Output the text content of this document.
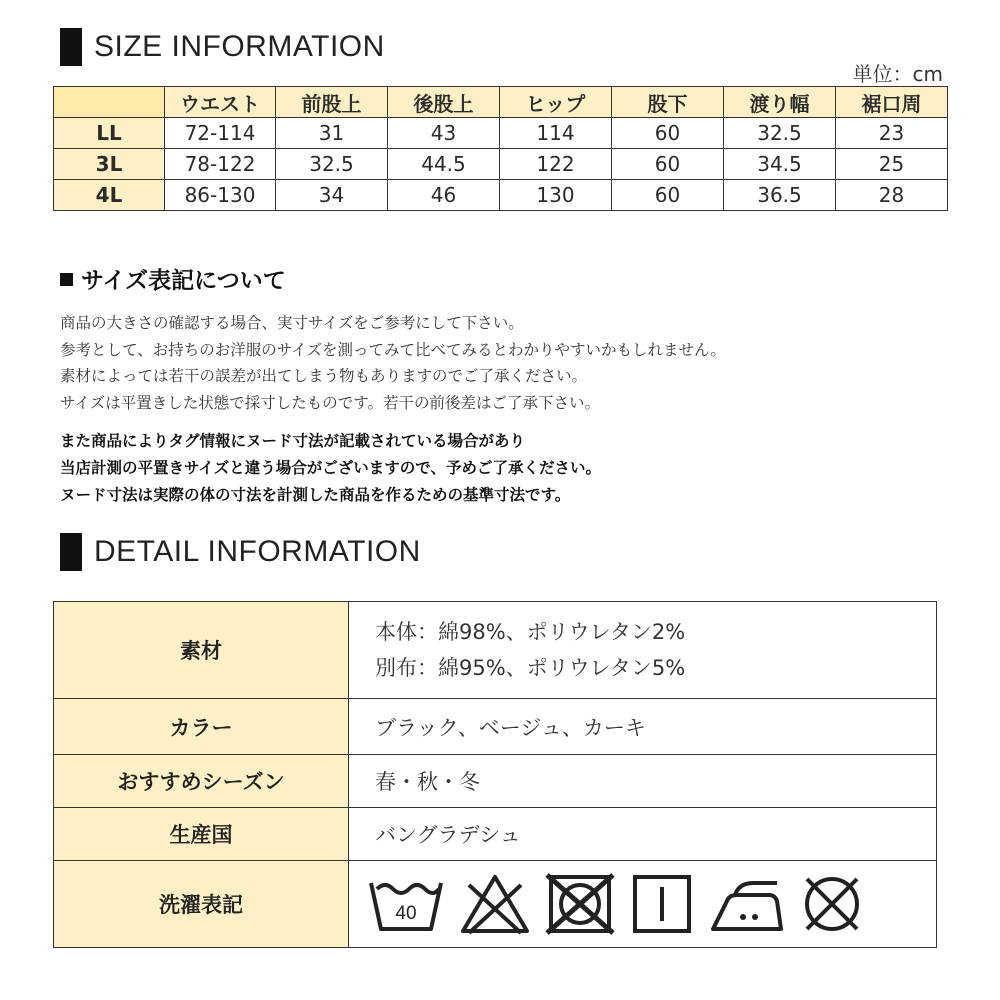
SIZE INFORMATION
単位：cm
	ウエスト	前股上	後股上	ヒップ	股下	渡り幅	裾口周
LL	72-114	31	43	114	60	32.5	23
3L	78-122	32.5	44.5	122	60	34.5	25
4L	86-130	34	46	130	60	36.5	28
サイズ表記について
商品の大きさの確認する場合、実寸サイズをご参考にして下さい。
参考として、お持ちのお洋服のサイズを測ってみて比べてみるとわかりやすいかもしれません。
素材によっては若干の誤差が出てしまう物もありますのでご了承ください。
サイズは平置きした状態で採寸したものです。若干の前後差はご了承下さい。
また商品によりタグ情報にヌード寸法が記載されている場合があり
当店計測の平置きサイズと違う場合がございますので、予めご了承ください。
ヌード寸法は実際の体の寸法を計測した商品を作るための基準寸法です。
DETAIL INFORMATION
素材	本体：綿98%、ポリウレタン2%
別布：綿95%、ポリウレタン5%

カラー	ブラック、ベージュ、カーキ
おすすめシーズン	春・秋・冬
生産国	バングラデシュ
洗濯表記	40
